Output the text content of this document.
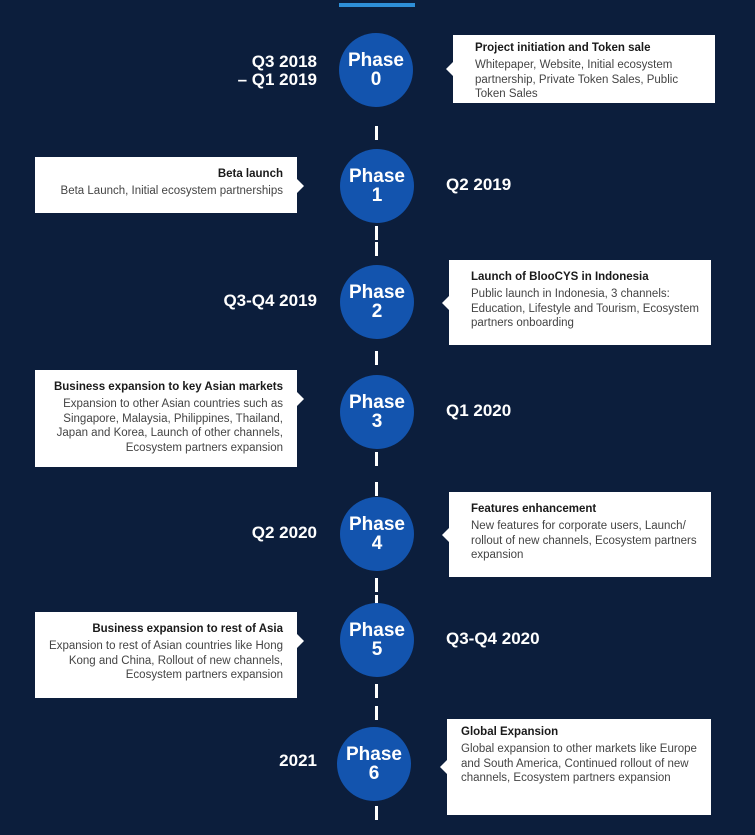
Q3 2018
– Q1 2019
Phase
0
Project initiation and Token sale
Whitepaper, Website, Initial ecosystem partnership, Private Token Sales, Public Token Sales
Beta launch
Beta Launch, Initial ecosystem partnerships
Phase
1
Q2 2019
Q3-Q4 2019 Phase
2
Launch of BlooCYS in Indonesia
Public launch in Indonesia, 3 channels: Education, Lifestyle and Tourism, Ecosystem partners onboarding
Business expansion to key Asian markets
Expansion to other Asian countries such as Singapore, Malaysia, Philippines, Thailand, Japan and Korea, Launch of other channels, Ecosystem partners expansion
Phase
3
Q1 2020
Q2 2020 Phase
4
Features enhancement
New features for corporate users, Launch/ rollout of new channels, Ecosystem partners expansion
Business expansion to rest of Asia
Expansion to rest of Asian countries like Hong Kong and China, Rollout of new channels, Ecosystem partners expansion
Phase
5
Q3-Q4 2020
2021 Phase
6
Global Expansion
Global expansion to other markets like Europe and South America, Continued rollout of new channels, Ecosystem partners expansion
